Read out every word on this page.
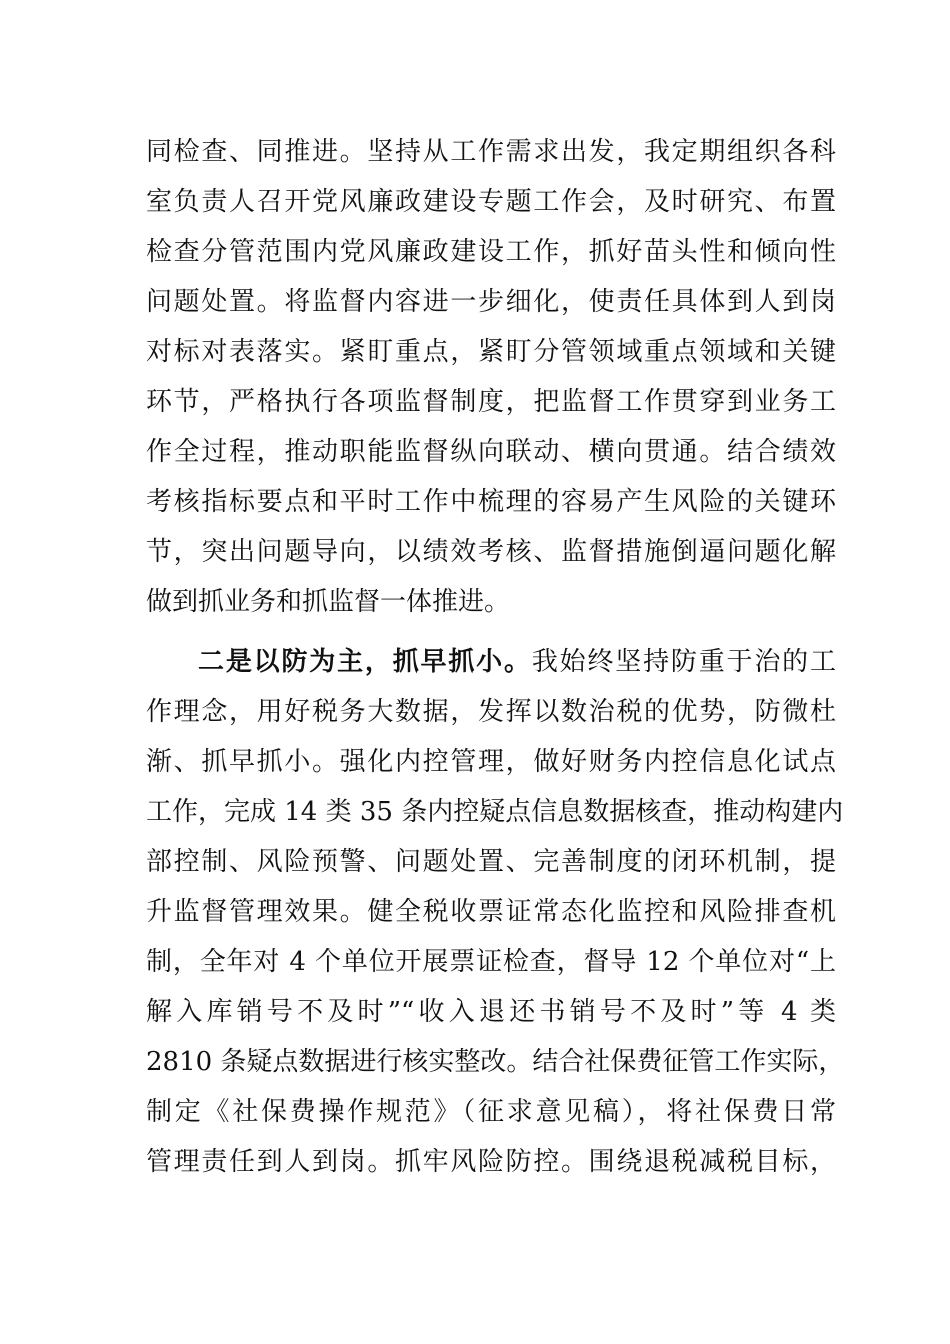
同检查、同推进。坚持从工作需求出发，我定期组织各科
室负责人召开党风廉政建设专题工作会，及时研究、布置
检查分管范围内党风廉政建设工作，抓好苗头性和倾向性
问题处置。将监督内容进一步细化，使责任具体到人到岗
对标对表落实。紧盯重点，紧盯分管领域重点领域和关键
环节，严格执行各项监督制度，把监督工作贯穿到业务工
作全过程，推动职能监督纵向联动、横向贯通。结合绩效
考核指标要点和平时工作中梳理的容易产生风险的关键环
节，突出问题导向，以绩效考核、监督措施倒逼问题化解
做到抓业务和抓监督一体推进。
二是以防为主，抓早抓小。我始终坚持防重于治的工
作理念，用好税务大数据，发挥以数治税的优势，防微杜
渐、抓早抓小。强化内控管理，做好财务内控信息化试点
工作，完成 14 类 35 条内控疑点信息数据核查，推动构建内
部控制、风险预警、问题处置、完善制度的闭环机制，提
升监督管理效果。健全税收票证常态化监控和风险排查机
制，全年对 4 个单位开展票证检查，督导 12 个单位对“上
解入库销号不及时”“收入退还书销号不及时”等 4 类
2810 条疑点数据进行核实整改。结合社保费征管工作实际，
制定《社保费操作规范》（征求意见稿），将社保费日常
管理责任到人到岗。抓牢风险防控。围绕退税减税目标，
